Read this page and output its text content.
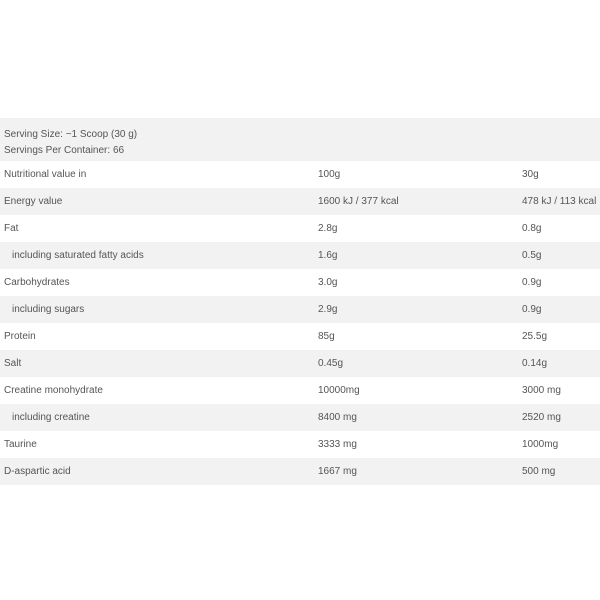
Serving Size: ~1 Scoop (30 g)
Servings Per Container: 66
Nutritional value in	100g	30g
Energy value	1600 kJ / 377 kcal	478 kJ / 113 kcal
Fat	2.8g	0.8g
including saturated fatty acids	1.6g	0.5g
Carbohydrates	3.0g	0.9g
including sugars	2.9g	0.9g
Protein	85g	25.5g
Salt	0.45g	0.14g
Creatine monohydrate	10000mg	3000 mg
including creatine	8400 mg	2520 mg
Taurine	3333 mg	1000mg
D-aspartic acid	1667 mg	500 mg
